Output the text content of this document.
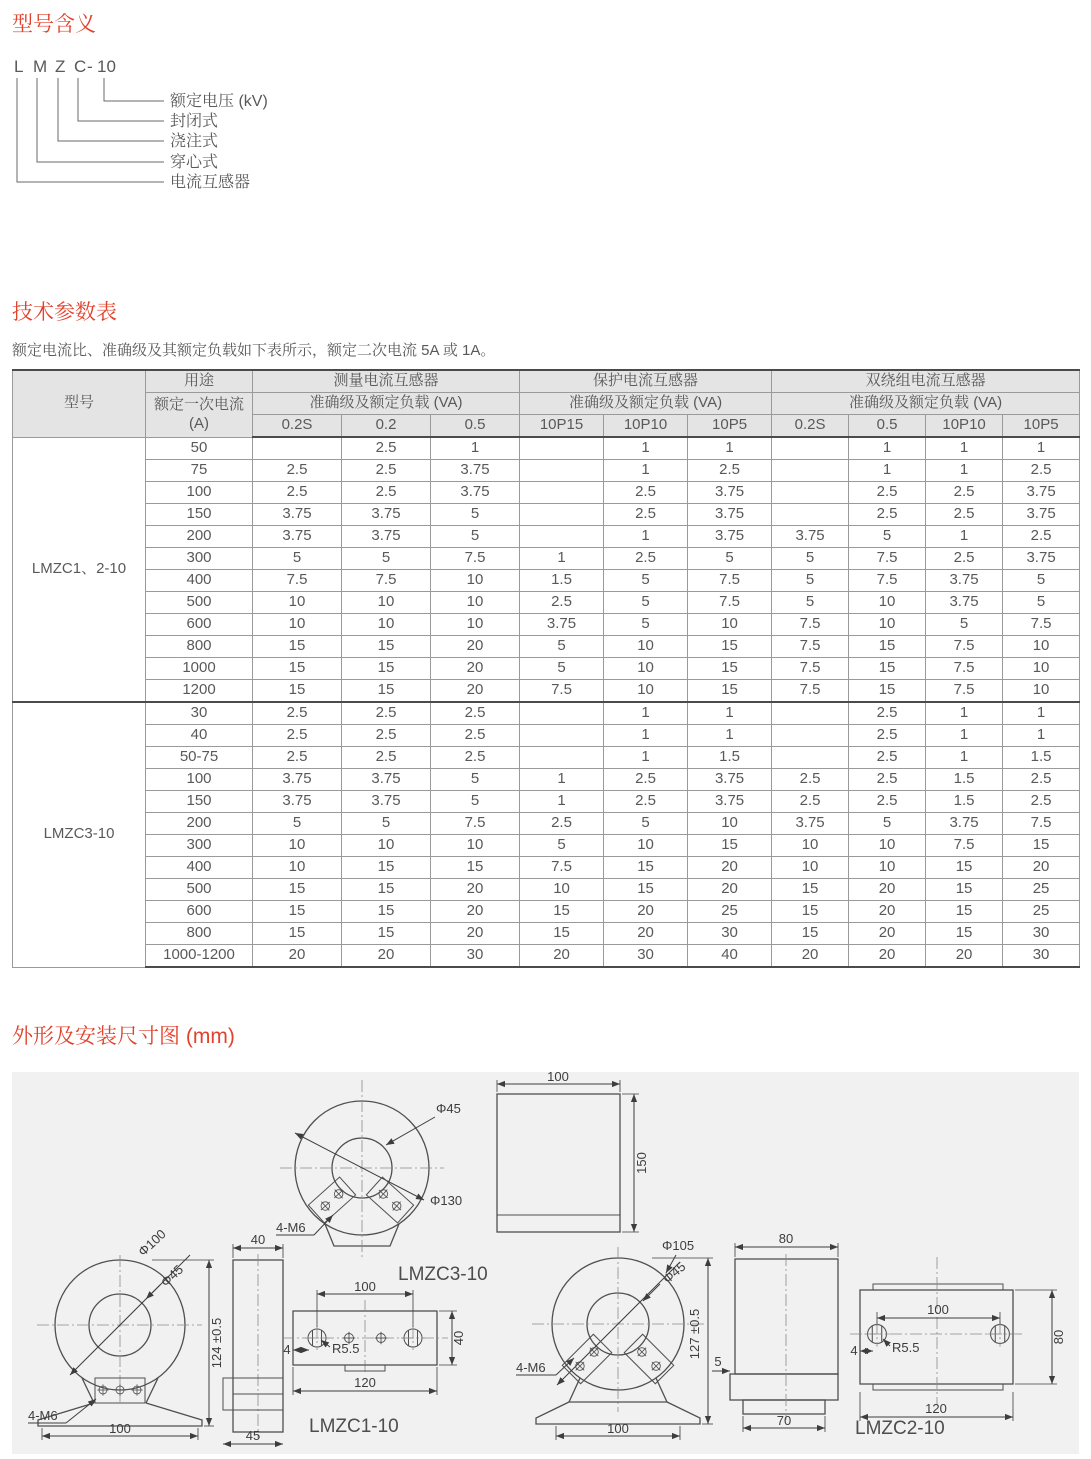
型号含义
L M Z C - 10
额定电压 (kV)
封闭式
浇注式
穿心式
电流互感器
技术参数表

额定电流比、准确级及其额定负载如下表所示，额定二次电流 5A 或 1A。

型号	用途	测量电流互感器			保护电流互感器			双绕组电流互感器			
	额定一次电流 (A)	准确级及额定负载 (VA)			准确级及额定负载 (VA)			准确级及额定负载 (VA)			
		0.2S	0.2	0.5	10P15	10P10	10P5	0.2S	0.5	10P10	10P5
LMZC1、2-10	50		2.5	1		1	1		1	1	1
	75	2.5	2.5	3.75		1	2.5		1	1	2.5
	100	2.5	2.5	3.75		2.5	3.75		2.5	2.5	3.75
	150	3.75	3.75	5		2.5	3.75		2.5	2.5	3.75
	200	3.75	3.75	5		1	3.75	3.75	5	1	2.5
	300	5	5	7.5	1	2.5	5	5	7.5	2.5	3.75
	400	7.5	7.5	10	1.5	5	7.5	5	7.5	3.75	5
	500	10	10	10	2.5	5	7.5	5	10	3.75	5
	600	10	10	10	3.75	5	10	7.5	10	5	7.5
	800	15	15	20	5	10	15	7.5	15	7.5	10
	1000	15	15	20	5	10	15	7.5	15	7.5	10
	1200	15	15	20	7.5	10	15	7.5	15	7.5	10
LMZC3-10	30	2.5	2.5	2.5		1	1		2.5	1	1
	40	2.5	2.5	2.5		1	1		2.5	1	1
	50-75	2.5	2.5	2.5		1	1.5		2.5	1	1.5
	100	3.75	3.75	5	1	2.5	3.75	2.5	2.5	1.5	2.5
	150	3.75	3.75	5	1	2.5	3.75	2.5	2.5	1.5	2.5
	200	5	5	7.5	2.5	5	10	3.75	5	3.75	7.5
	300	10	10	10	5	10	15	10	10	7.5	15
	400	10	15	15	7.5	15	20	10	10	15	20
	500	15	15	20	10	15	20	15	20	15	25
	600	15	15	20	15	20	25	15	20	15	25
	800	15	15	20	15	20	30	15	20	15	30
	1000-1200	20	20	30	20	30	40	20	20	20	30
外形及安装尺寸图 (mm)
Φ45
Φ130
4-M6
LMZC3-10
100
150
Φ100
Φ45
4-M6
100
124 ±0.5
40
45
100
120
40
R5.5
4
LMZC1-10
Φ105
Φ45
4-M6
100
127 ±0.5
80
5
70
100
120
80
R5.5
4
LMZC2-10
